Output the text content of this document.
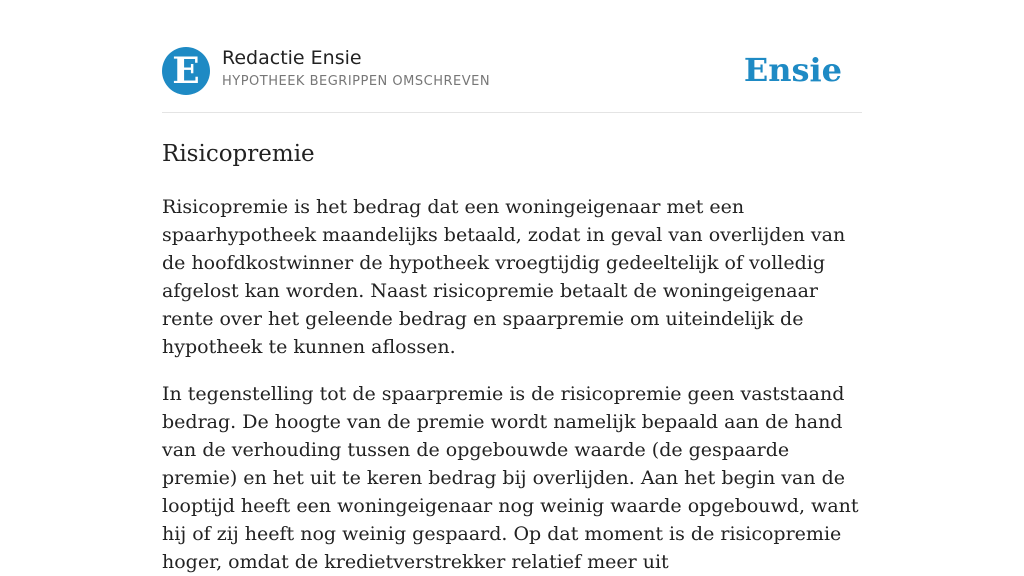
E	Redactie Ensie
HYPOTHEEK BEGRIPPEN OMSCHREVEN	Ensie
Risicopremie

Risicopremie is het bedrag dat een woningeigenaar met een spaarhypotheek maandelijks betaald, zodat in geval van overlijden van de hoofdkostwinner de hypotheek vroegtijdig gedeeltelijk of volledig afgelost kan worden. Naast risicopremie betaalt de woningeigenaar rente over het geleende bedrag en spaarpremie om uiteindelijk de hypotheek te kunnen aflossen.

In tegenstelling tot de spaarpremie is de risicopremie geen vaststaand bedrag. De hoogte van de premie wordt namelijk bepaald aan de hand van de verhouding tussen de opgebouwde waarde (de gespaarde premie) en het uit te keren bedrag bij overlijden. Aan het begin van de looptijd heeft een woningeigenaar nog weinig waarde opgebouwd, want hij of zij heeft nog weinig gespaard. Op dat moment is de risicopremie hoger, omdat de kredietverstrekker relatief meer uit
